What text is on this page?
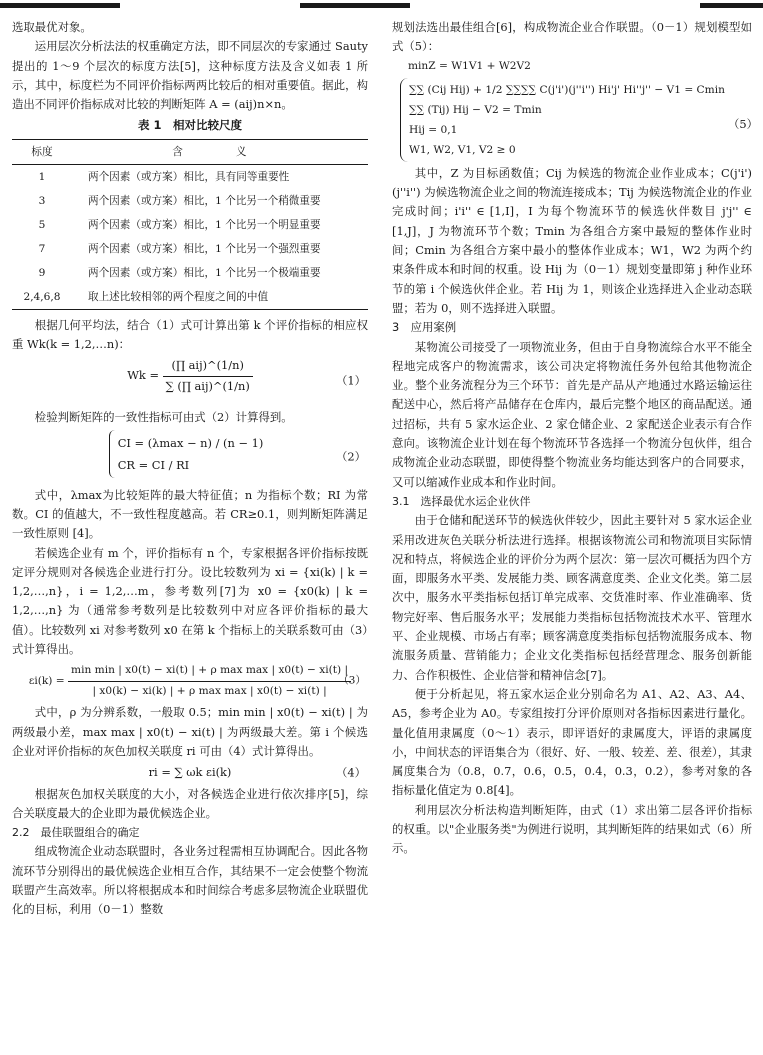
选取最优对象。

运用层次分析法法的权重确定方法，即不同层次的专家通过 Sauty 提出的 1～9 个层次的标度方法[5]，这种标度方法及含义如表 1 所示，其中，标度栏为不同评价指标两两比较后的相对重要值。据此，构造出不同评价指标成对比较的判断矩阵 A = (aij)n×n。

表 1　相对比较尺度
标度	含　义
1	两个因素（或方案）相比，具有同等重要性
3	两个因素（或方案）相比，1 个比另一个稍微重要
5	两个因素（或方案）相比，1 个比另一个明显重要
7	两个因素（或方案）相比，1 个比另一个强烈重要
9	两个因素（或方案）相比，1 个比另一个极端重要
2,4,6,8	取上述比较相邻的两个程度之间的中值

根据几何平均法，结合（1）式可计算出第 k 个评价指标的相应权重 Wk(k = 1,2,…n)：

$Wk = \frac{\text{(∏ aij)\textasciicircum{}(1/n)}}{\text{∑ (∏ aij)\textasciicircum{}(1/n)}}$	（1）

检验判断矩阵的一致性指标可由式（2）计算得到。

CI = (λmax − n) / (n − 1)
CR = CI / RI
（2）

式中，λmax为比较矩阵的最大特征值；n 为指标个数；RI 为常数。CI 的值越大，不一致性程度越高。若 CR≥0.1，则判断矩阵满足一致性原则 [4]。

若候选企业有 m 个，评价指标有 n 个，专家根据各评价指标按既定评分规则对各候选企业进行打分。设比较数列为 xi = {xi(k) | k = 1,2,…,n}，i = 1,2,…m，参考数列[7]为 x0 = {x0(k) | k = 1,2,…,n} 为（通常参考数列是比较数列中对应各评价指标的最大值）。比较数列 xi 对参考数列 x0 在第 k 个指标上的关联系数可由（3）式计算得出。

$\varepsilon i(k) = \frac{\text{min min | x0(t) − xi(t) | + ρ max max | x0(t) − xi(t) |}}{\text{| x0(k) − xi(k) | + ρ max max | x0(t) − xi(t) |}}$
（3）

式中，ρ 为分辨系数，一般取 0.5；min min | x0(t) − xi(t) | 为两级最小差，max max | x0(t) − xi(t) | 为两级最大差。第 i 个候选企业对评价指标的灰色加权关联度 ri 可由（4）式计算得出。

ri = ∑ ωk εi(k)	（4）

根据灰色加权关联度的大小，对各候选企业进行依次排序[5]，综合关联度最大的企业即为最优候选企业。

2.2　最佳联盟组合的确定

组成物流企业动态联盟时，各业务过程需相互协调配合。因此各物流环节分别得出的最优候选企业相互合作，其结果不一定会使整个物流联盟产生高效率。所以将根据成本和时间综合考虑多层物流企业联盟优化的目标，利用（0－1）整数

规划法选出最佳组合[6]，构成物流企业合作联盟。（0－1）规划模型如式（5）：

minZ = W1V1 + W2V2
∑∑ (Cij Hij) + 1/2 ∑∑∑∑ C(j'i')(j''i'') Hi'j' Hi''j'' − V1 = Cmin
∑∑ (Tij) Hij − V2 = Tmin
Hij = 0,1
W1, W2, V1, V2 ≥ 0
（5）

其中，Z 为目标函数值；Cij 为候选的物流企业作业成本；C(j'i')(j''i'') 为候选物流企业之间的物流连接成本；Tij 为候选物流企业的作业完成时间；i'i'' ∈ [1,I]，I 为每个物流环节的候选伙伴数目 j'j'' ∈ [1,J]，J 为物流环节个数；Tmin 为各组合方案中最短的整体作业时间；Cmin 为各组合方案中最小的整体作业成本；W1，W2 为两个约束条件成本和时间的权重。设 Hij 为（0－1）规划变量即第 j 种作业环节的第 i 个候选伙伴企业。若 Hij 为 1，则该企业选择进入企业动态联盟；若为 0，则不选择进入联盟。

3　应用案例

某物流公司接受了一项物流业务，但由于自身物流综合水平不能全程地完成客户的物流需求，该公司决定将物流任务外包给其他物流企业。整个业务流程分为三个环节：首先是产品从产地通过水路运输运往配送中心，然后将产品储存在仓库内，最后完整个地区的商品配送。通过招标，共有 5 家水运企业、2 家仓储企业、2 家配送企业表示有合作意向。该物流企业计划在每个物流环节各选择一个物流分包伙伴，组合成物流企业动态联盟，即使得整个物流业务均能达到客户的合同要求，又可以缩减作业成本和作业时间。

3.1　选择最优水运企业伙伴

由于仓储和配送环节的候选伙伴较少，因此主要针对 5 家水运企业采用改进灰色关联分析法进行选择。根据该物流公司和物流项目实际情况和特点，将候选企业的评价分为两个层次：第一层次可概括为四个方面，即服务水平类、发展能力类、顾客满意度类、企业文化类。第二层次中，服务水平类指标包括订单完成率、交货准时率、作业准确率、货物完好率、售后服务水平；发展能力类指标包括物流技术水平、管理水平、企业规模、市场占有率；顾客满意度类指标包括物流服务成本、物流服务质量、营销能力；企业文化类指标包括经营理念、服务创新能力、合作积极性、企业信誉和精神信念[7]。

便于分析起见，将五家水运企业分别命名为 A1、A2、A3、A4、A5，参考企业为 A0。专家组按打分评价原则对各指标因素进行量化。量化值用隶属度（0～1）表示，即评语好的隶属度大，评语的隶属度小，中间状态的评语集合为（很好、好、一般、较差、差、很差），其隶属度集合为（0.8，0.7，0.6，0.5，0.4，0.3，0.2），参考对象的各指标量化值定为 0.8[4]。

利用层次分析法构造判断矩阵，由式（1）求出第二层各评价指标的权重。以"企业服务类"为例进行说明，其判断矩阵的结果如式（6）所示。
